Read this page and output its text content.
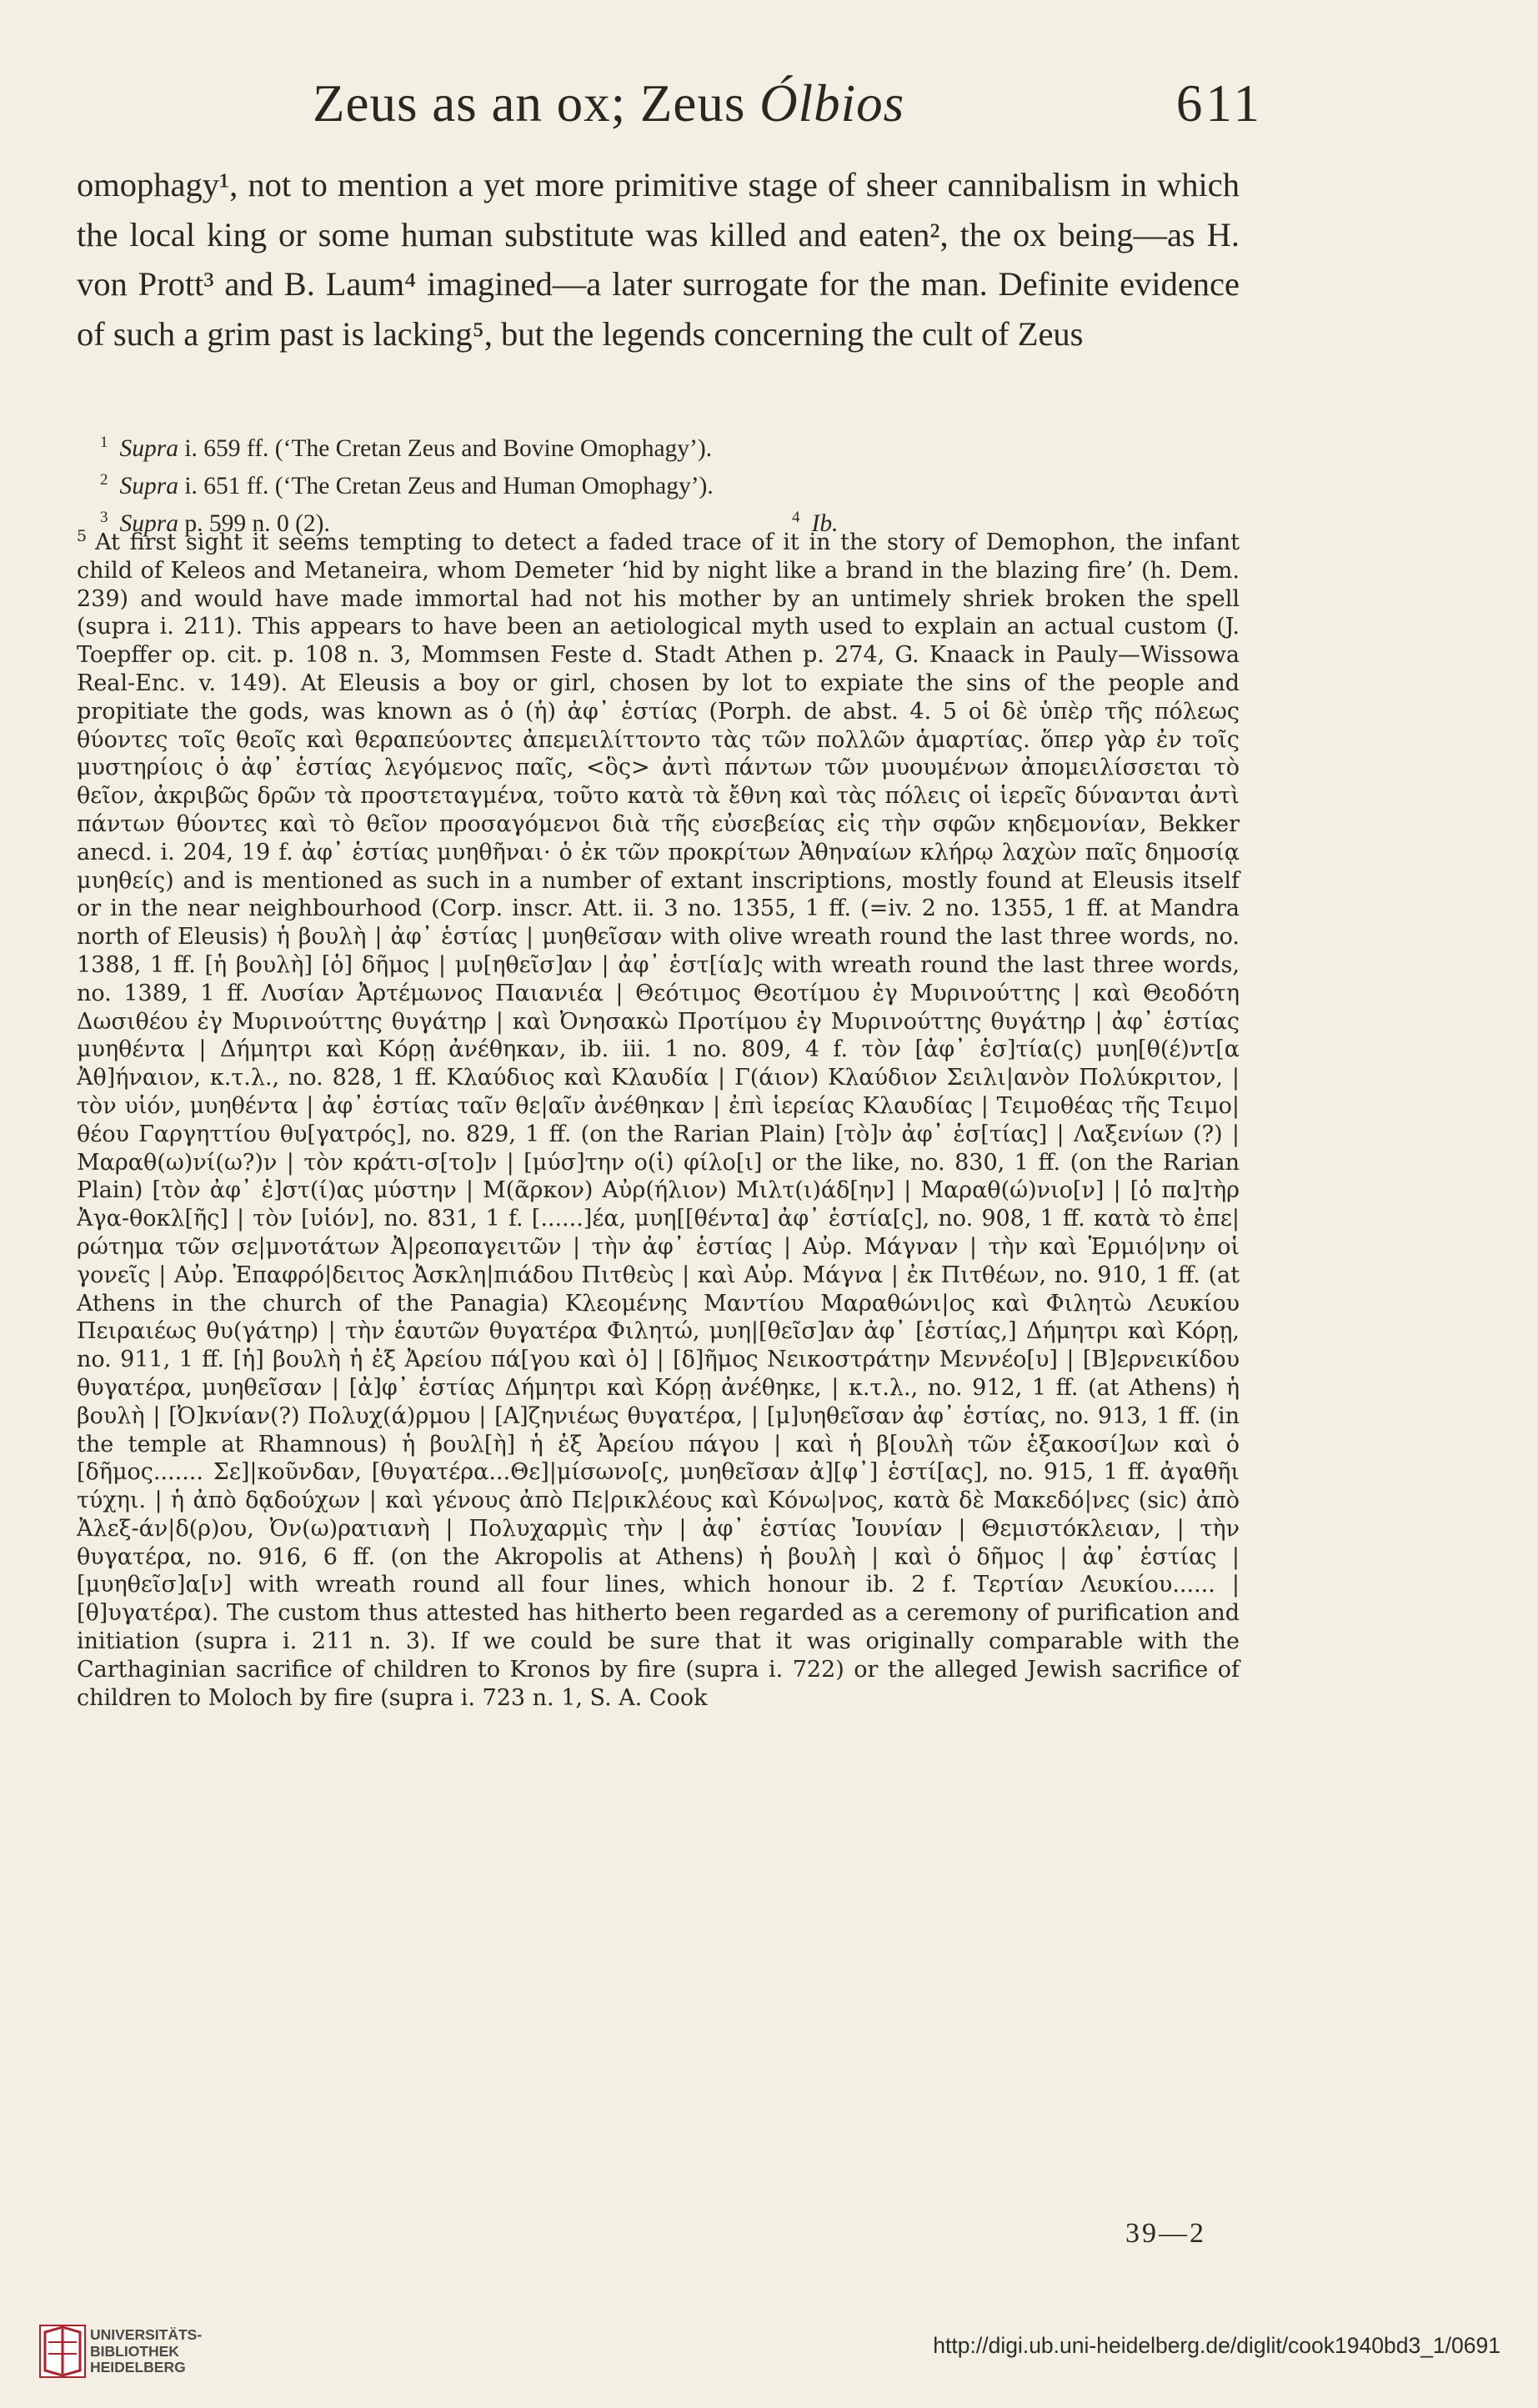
Zeus as an ox; Zeus Ólbios	611

omophagy¹, not to mention a yet more primitive stage of sheer cannibalism in which the local king or some human substitute was killed and eaten², the ox being—as H. von Prott³ and B. Laum⁴ imagined—a later surrogate for the man. Definite evidence of such a grim past is lacking⁵, but the legends concerning the cult of Zeus

$^1$ Supra i. 659 ff. (‘The Cretan Zeus and Bovine Omophagy’).
$^2$ Supra i. 651 ff. (‘The Cretan Zeus and Human Omophagy’).
$^3$ Supra p. 599 n. 0 (2).	$^4$ Ib.

$^5$ At first sight it seems tempting to detect a faded trace of it in the story of Demophon, the infant child of Keleos and Metaneira, whom Demeter ‘hid by night like a brand in the blazing fire’ (h. Dem. 239) and would have made immortal had not his mother by an untimely shriek broken the spell (supra i. 211). This appears to have been an aetiological myth used to explain an actual custom (J. Toepffer op. cit. p. 108 n. 3, Mommsen Feste d. Stadt Athen p. 274, G. Knaack in Pauly—Wissowa Real-Enc. v. 149). At Eleusis a boy or girl, chosen by lot to expiate the sins of the people and propitiate the gods, was known as ὁ (ἡ) ἀφ᾽ ἑστίας (Porph. de abst. 4. 5 οἱ δὲ ὑπὲρ τῆς πόλεως θύοντες τοῖς θεοῖς καὶ θεραπεύοντες ἀπεμειλίττοντο τὰς τῶν πολλῶν ἁμαρτίας. ὅπερ γὰρ ἐν τοῖς μυστηρίοις ὁ ἀφ᾽ ἑστίας λεγόμενος παῖς, <ὃς> ἀντὶ πάντων τῶν μυουμένων ἀπομειλίσσεται τὸ θεῖον, ἀκριβῶς δρῶν τὰ προστεταγμένα, τοῦτο κατὰ τὰ ἔθνη καὶ τὰς πόλεις οἱ ἱερεῖς δύνανται ἀντὶ πάντων θύοντες καὶ τὸ θεῖον προσαγόμενοι διὰ τῆς εὐσεβείας εἰς τὴν σφῶν κηδεμονίαν, Bekker anecd. i. 204, 19 f. ἀφ᾽ ἑστίας μυηθῆναι· ὁ ἐκ τῶν προκρίτων Ἀθηναίων κλήρῳ λαχὼν παῖς δημοσίᾳ μυηθείς) and is mentioned as such in a number of extant inscriptions, mostly found at Eleusis itself or in the near neighbourhood (Corp. inscr. Att. ii. 3 no. 1355, 1 ff. (=iv. 2 no. 1355, 1 ff. at Mandra north of Eleusis) ἡ βουλὴ | ἀφ᾽ ἑστίας | μυηθεῖσαν with olive wreath round the last three words, no. 1388, 1 ff. [ἡ βουλὴ] [ὁ] δῆμος | μυ[ηθεῖσ]αν | ἀφ᾽ ἑστ[ία]ς with wreath round the last three words, no. 1389, 1 ff. Λυσίαν Ἀρτέμωνος Παιανιέα | Θεότιμος Θεοτίμου ἐγ Μυρινούττης | καὶ Θεοδότη Δωσιθέου ἐγ Μυρινούττης θυγάτηρ | καὶ Ὀνησακὼ Προτίμου ἐγ Μυρινούττης θυγάτηρ | ἀφ᾽ ἑστίας μυηθέντα | Δήμητρι καὶ Κόρῃ ἀνέθηκαν, ib. iii. 1 no. 809, 4 f. τὸν [ἀφ᾽ ἑσ]τία(ς) μυη[θ(έ)ντ[α Ἀθ]ήναιον, κ.τ.λ., no. 828, 1 ff. Κλαύδιος καὶ Κλαυδία | Γ(άιον) Κλαύδιον Σειλι|ανὸν Πολύκριτον, | τὸν υἱόν, μυηθέντα | ἀφ᾽ ἑστίας ταῖν θε|αῖν ἀνέθηκαν | ἐπὶ ἱερείας Κλαυδίας | Τειμοθέας τῆς Τειμο|θέου Γαργηττίου θυ[γατρός], no. 829, 1 ff. (on the Rarian Plain) [τὸ]ν ἀφ᾽ ἑσ[τίας] | Λαξενίων (?) | Μαραθ(ω)νί(ω?)ν | τὸν κράτι-σ[το]ν | [μύσ]την ο(ἱ) φίλο[ι] or the like, no. 830, 1 ff. (on the Rarian Plain) [τὸν ἀφ᾽ ἑ]στ(ί)ας μύστην | Μ(ᾶρκον) Αὐρ(ήλιον) Μιλτ(ι)άδ[ην] | Μαραθ(ώ)νιο[ν] | [ὁ πα]τὴρ Ἀγα-θοκλ[ῆς] | τὸν [υἱόν], no. 831, 1 f. [......]έα, μυη[[θέντα] ἀφ᾽ ἑστία[ς], no. 908, 1 ff. κατὰ τὸ ἐπε|ρώτημα τῶν σε|μνοτάτων Ἀ|ρεοπαγειτῶν | τὴν ἀφ᾽ ἑστίας | Αὐρ. Μάγναν | τὴν καὶ Ἑρμιό|νην οἱ γονεῖς | Αὐρ. Ἐπαφρό|δειτος Ἀσκλη|πιάδου Πιτθεὺς | καὶ Αὐρ. Μάγνα | ἐκ Πιτθέων, no. 910, 1 ff. (at Athens in the church of the Panagia) Κλεομένης Μαντίου Μαραθώνι|ος καὶ Φιλητὼ Λευκίου Πειραιέως θυ(γάτηρ) | τὴν ἑαυτῶν θυγατέρα Φιλητώ, μυη|[θεῖσ]αν ἀφ᾽ [ἑστίας,] Δήμητρι καὶ Κόρῃ, no. 911, 1 ff. [ἡ] βουλὴ ἡ ἐξ Ἀρείου πά[γου καὶ ὁ] | [δ]ῆμος Νεικοστράτην Μεννέο[υ] | [Β]ερνεικίδου θυγατέρα, μυηθεῖσαν | [ἀ]φ᾽ ἑστίας Δήμητρι καὶ Κόρῃ ἀνέθηκε, | κ.τ.λ., no. 912, 1 ff. (at Athens) ἡ βουλὴ | [Ὀ]κνίαν(?) Πολυχ(ά)ρμου | [Α]ζηνιέως θυγατέρα, | [μ]υηθεῖσαν ἀφ᾽ ἑστίας, no. 913, 1 ff. (in the temple at Rhamnous) ἡ βουλ[ὴ] ἡ ἐξ Ἀρείου πάγου | καὶ ἡ β[ουλὴ τῶν ἑξακοσί]ων καὶ ὁ [δῆμος....... Σε]|κοῦνδαν, [θυγατέρα...Θε]|μίσωνο[ς, μυηθεῖσαν ἀ][φ᾽] ἑστί[ας], no. 915, 1 ff. ἀγαθῆι τύχηι. | ἡ ἀπὸ δᾳδούχων | καὶ γένους ἀπὸ Πε|ρικλέους καὶ Κόνω|νος, κατὰ δὲ Μακεδό|νες (sic) ἀπὸ Ἀλεξ-άν|δ(ρ)ου, Ὀν(ω)ρατιανὴ | Πολυχαρμὶς τὴν | ἀφ᾽ ἑστίας Ἰουνίαν | Θεμιστόκλειαν, | τὴν θυγατέρα, no. 916, 6 ff. (on the Akropolis at Athens) ἡ βουλὴ | καὶ ὁ δῆμος | ἀφ᾽ ἑστίας | [μυηθεῖσ]α[ν] with wreath round all four lines, which honour ib. 2 f. Τερτίαν Λευκίου...... | [θ]υγατέρα). The custom thus attested has hitherto been regarded as a ceremony of purification and initiation (supra i. 211 n. 3). If we could be sure that it was originally comparable with the Carthaginian sacrifice of children to Kronos by fire (supra i. 722) or the alleged Jewish sacrifice of children to Moloch by fire (supra i. 723 n. 1, S. A. Cook

39—2
UNIVERSITÄTS-
BIBLIOTHEK
HEIDELBERG
http://digi.ub.uni-heidelberg.de/diglit/cook1940bd3_1/0691
